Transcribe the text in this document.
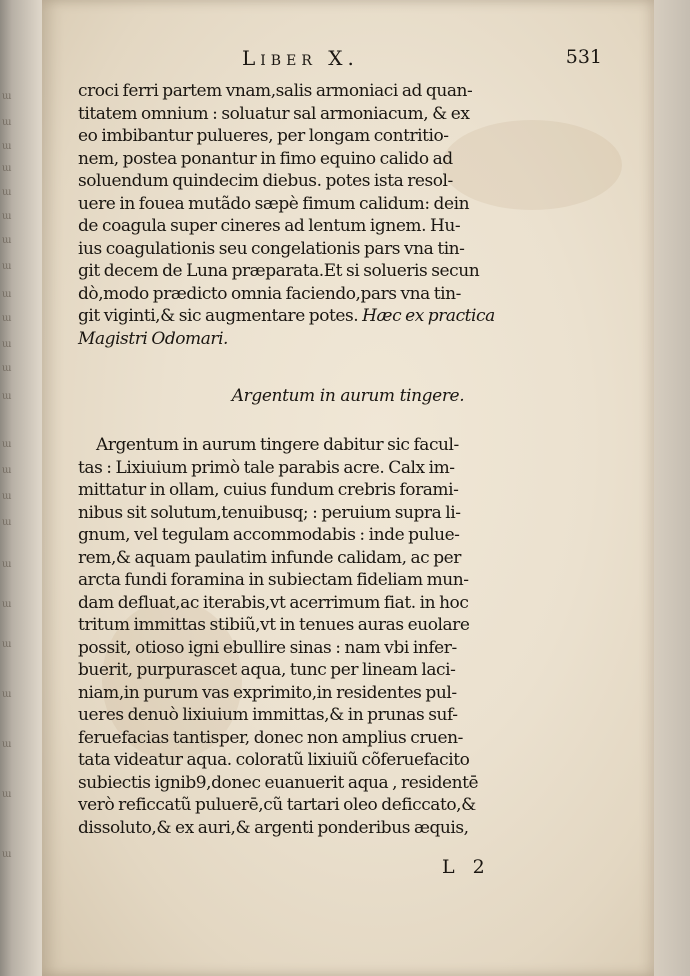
ɯ
ɯ
ɯ
ɯ
ɯ
ɯ
ɯ
ɯ
ɯ
ɯ
ɯ
ɯ
ɯ
ɯ
ɯ
ɯ
ɯ
ɯ
ɯ
ɯ
ɯ
ɯ
ɯ
ɯ
Liber X.	531
croci ferri partem vnam,salis armoniaci ad quan-
titatem omnium : soluatur sal armoniacum, & ex
eo imbibantur pulueres, per longam contritio-
nem, postea ponantur in fimo equino calido ad
soluendum quindecim diebus. potes ista resol-
uere in fouea mutãdo sæpè fimum calidum: dein
de coagula super cineres ad lentum ignem. Hu-
ius coagulationis seu congelationis pars vna tin-
git decem de Luna præparata.Et si solueris secun
dò,modo prædicto omnia faciendo,pars vna tin-
git viginti,& sic augmentare potes. Hæc ex practica
Magistri Odomari.
Argentum in aurum tingere.
Argentum in aurum tingere dabitur sic facul-
tas : Lixiuium primò tale parabis acre. Calx im-
mittatur in ollam, cuius fundum crebris forami-
nibus sit solutum,tenuibusq; : peruium supra li-
gnum, vel tegulam accommodabis : inde pulue-
rem,& aquam paulatim infunde calidam, ac per
arcta fundi foramina in subiectam fideliam mun-
dam defluat,ac iterabis,vt acerrimum fiat. in hoc
tritum immittas stibiũ,vt in tenues auras euolare
possit, otioso igni ebullire sinas : nam vbi infer-
buerit, purpurascet aqua, tunc per lineam laci-
niam,in purum vas exprimito,in residentes pul-
ueres denuò lixiuium immittas,& in prunas suf-
feruefacias tantisper, donec non amplius cruen-
tata videatur aqua. coloratũ lixiuiũ cõferuefacito
subiectis ignib9,donec euanuerit aqua , residentē
verò reficcatũ puluerē,cũ tartari oleo deficcato,&
dissoluto,& ex auri,& argenti ponderibus æquis,
L 2
